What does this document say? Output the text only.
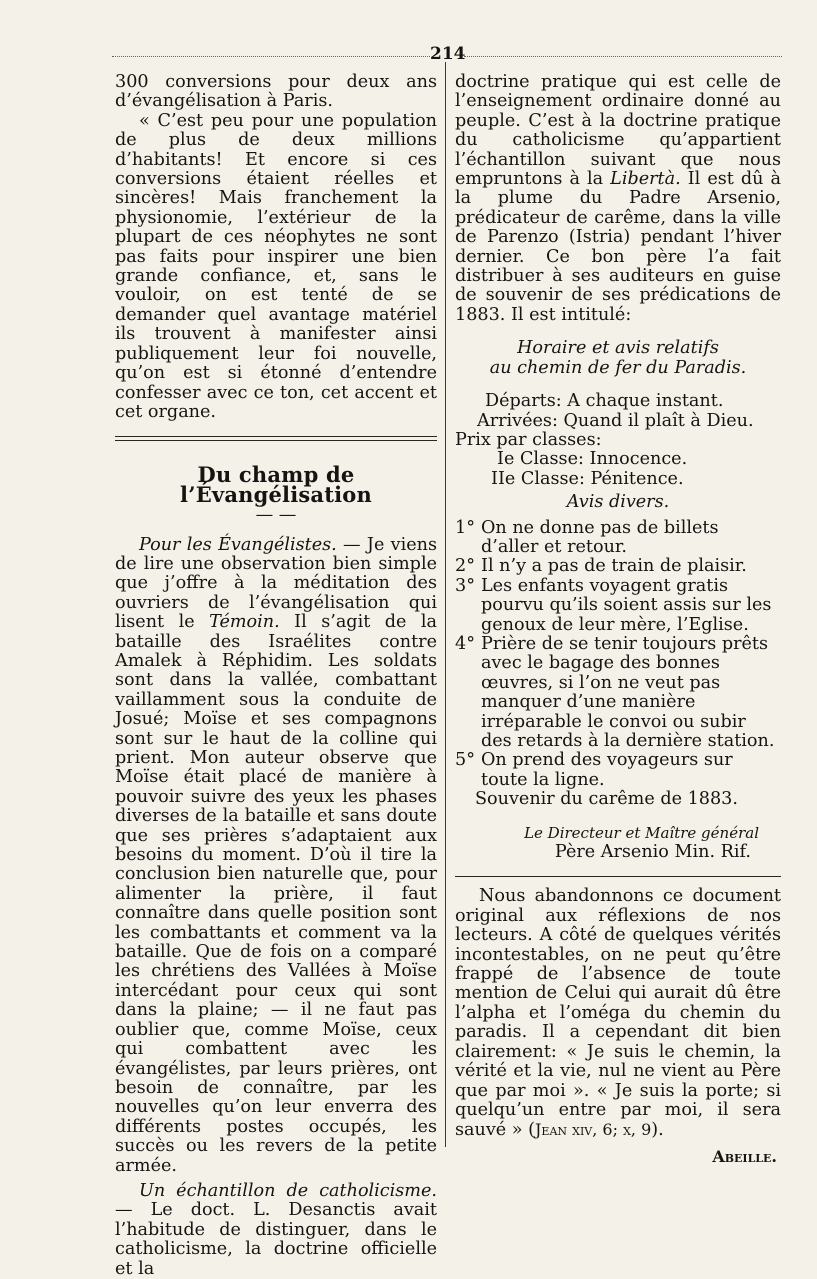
214

300 conversions pour deux ans d’évangélisation à Paris.

« C’est peu pour une population de plus de deux millions d’habitants! Et encore si ces conversions étaient réelles et sincères! Mais franchement la physionomie, l’extérieur de la plupart de ces néophytes ne sont pas faits pour inspirer une bien grande confiance, et, sans le vouloir, on est tenté de se demander quel avantage matériel ils trouvent à manifester ainsi publiquement leur foi nouvelle, qu’on est si étonné d’entendre confesser avec ce ton, cet accent et cet organe.

Du champ de l’Évangélisation
— —

Pour les Évangélistes. — Je viens de lire une observation bien simple que j’offre à la méditation des ouvriers de l’évangélisation qui lisent le Témoin. Il s’agit de la bataille des Israélites contre Amalek à Réphidim. Les soldats sont dans la vallée, combattant vaillamment sous la conduite de Josué; Moïse et ses compagnons sont sur le haut de la colline qui prient. Mon auteur observe que Moïse était placé de manière à pouvoir suivre des yeux les phases diverses de la bataille et sans doute que ses prières s’adaptaient aux besoins du moment. D’où il tire la conclusion bien naturelle que, pour alimenter la prière, il faut connaître dans quelle position sont les combattants et comment va la bataille. Que de fois on a comparé les chrétiens des Vallées à Moïse intercédant pour ceux qui sont dans la plaine; — il ne faut pas oublier que, comme Moïse, ceux qui combattent avec les évangélistes, par leurs prières, ont besoin de connaître, par les nouvelles qu’on leur enverra des différents postes occupés, les succès ou les revers de la petite armée.

Un échantillon de catholicisme. — Le doct. L. Desanctis avait l’habitude de distinguer, dans le catholicisme, la doctrine officielle et la

doctrine pratique qui est celle de l’enseignement ordinaire donné au peuple. C’est à la doctrine pratique du catholicisme qu’appartient l’échantillon suivant que nous empruntons à la Libertà. Il est dû à la plume du Padre Arsenio, prédicateur de carême, dans la ville de Parenzo (Istria) pendant l’hiver dernier. Ce bon père l’a fait distribuer à ses auditeurs en guise de souvenir de ses prédications de 1883. Il est intitulé:

Horaire et avis relatifs

au chemin de fer du Paradis.

Départs: A chaque instant.

Arrivées: Quand il plaît à Dieu.

Prix par classes:

Ie Classe: Innocence.

IIe Classe: Pénitence.

Avis divers.

1° On ne donne pas de billets d’aller et retour.
2° Il n’y a pas de train de plaisir.
3° Les enfants voyagent gratis pourvu qu’ils soient assis sur les genoux de leur mère, l’Eglise.
4° Prière de se tenir toujours prêts avec le bagage des bonnes œuvres, si l’on ne veut pas manquer d’une manière irréparable le convoi ou subir des retards à la dernière station.
5° On prend des voyageurs sur toute la ligne.

Souvenir du carême de 1883.

Le Directeur et Maître général

Père Arsenio Min. Rif.

Nous abandonnons ce document original aux réflexions de nos lecteurs. A côté de quelques vérités incontestables, on ne peut qu’être frappé de l’absence de toute mention de Celui qui aurait dû être l’alpha et l’oméga du chemin du paradis. Il a cependant dit bien clairement: « Je suis le chemin, la vérité et la vie, nul ne vient au Père que par moi ». « Je suis la porte; si quelqu’un entre par moi, il sera sauvé » (Jean xiv, 6; x, 9).

Abeille.
